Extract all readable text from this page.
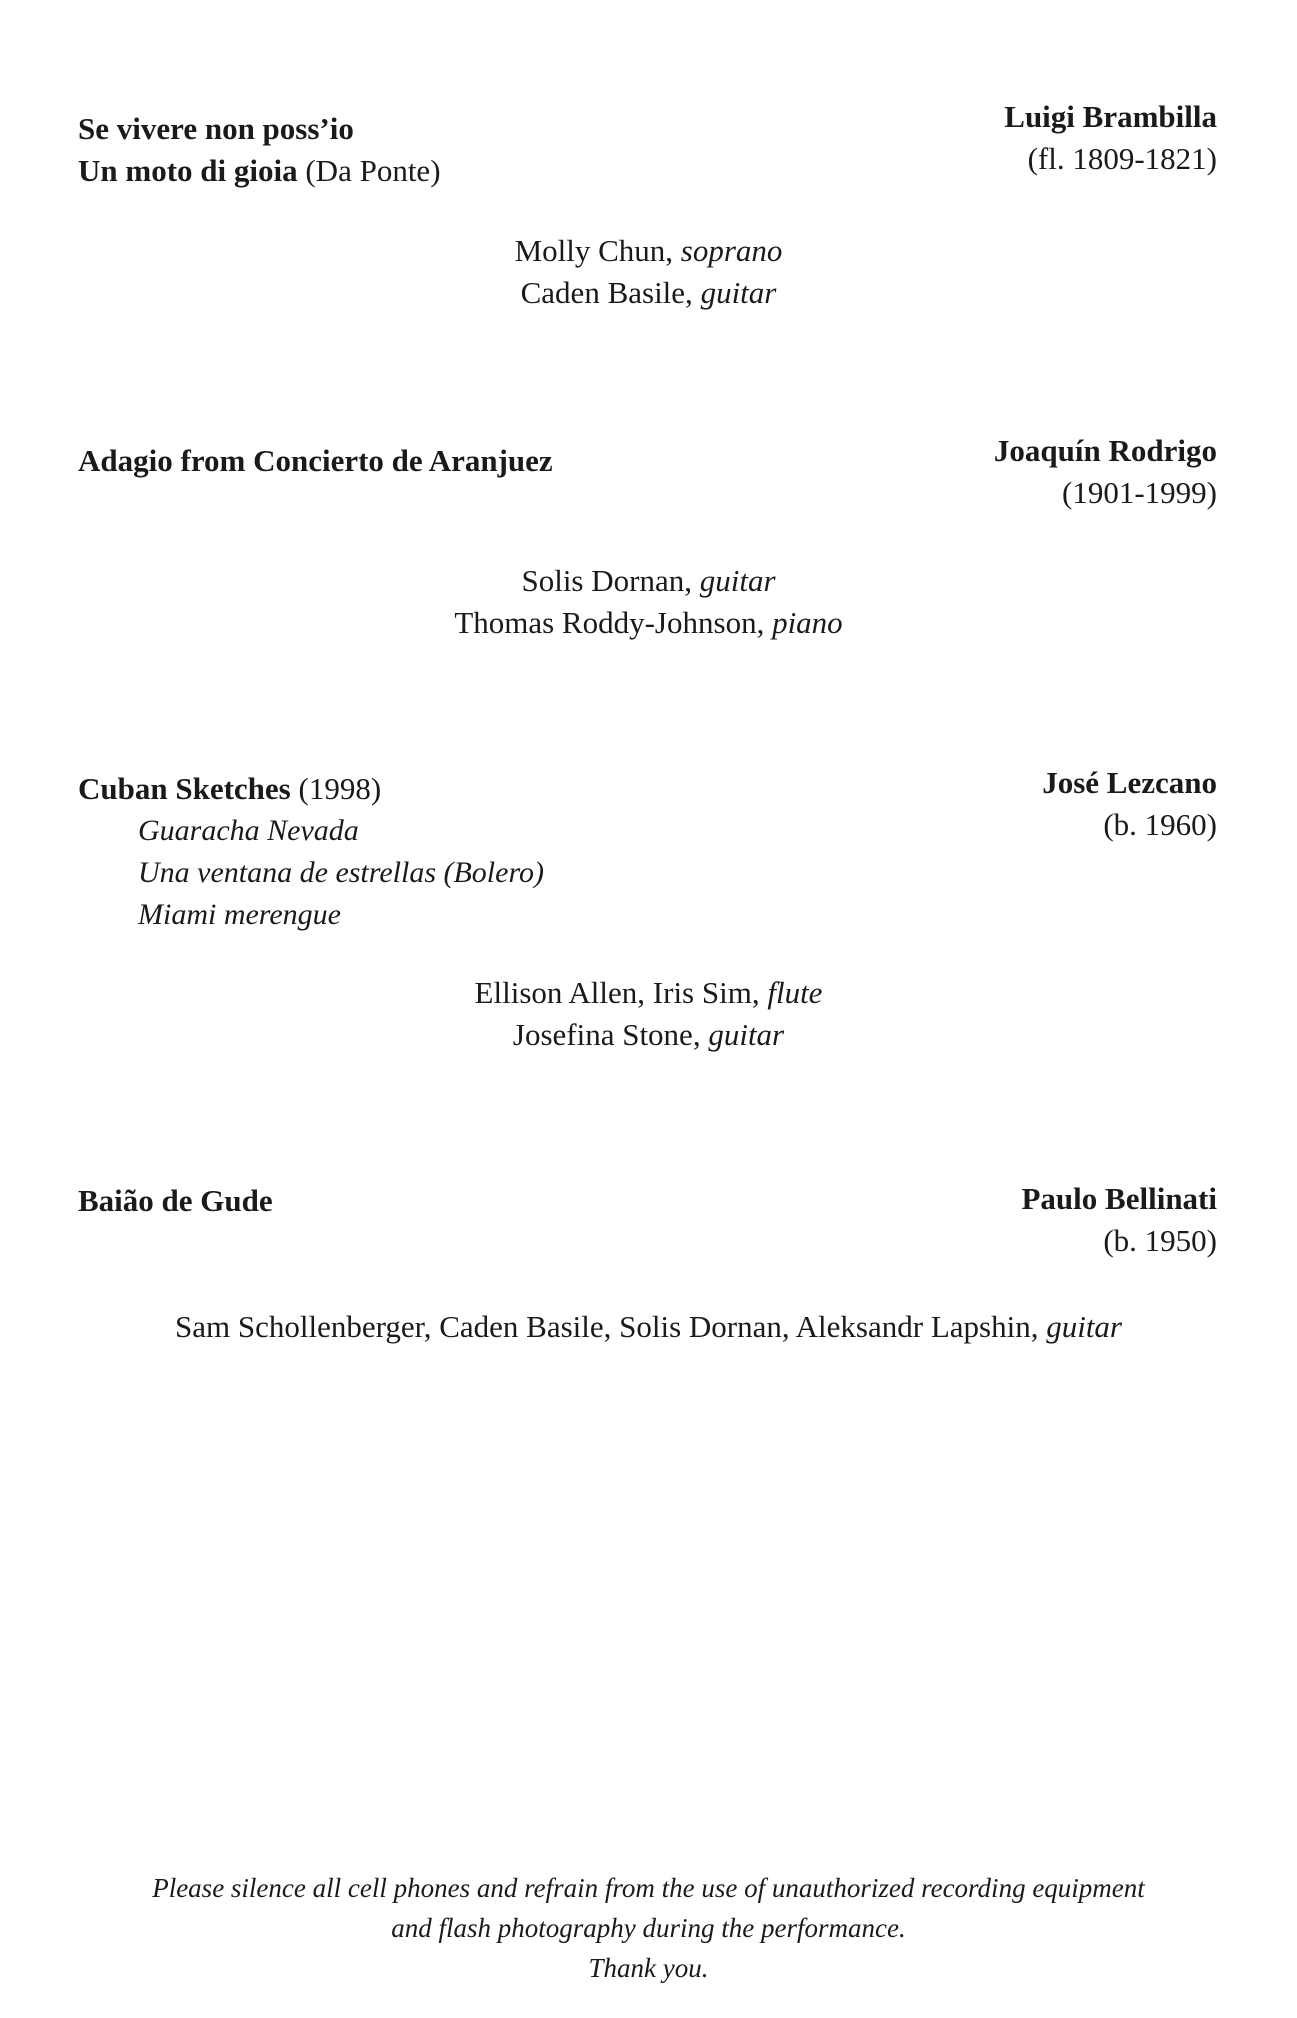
Se vivere non poss’io
Un moto di gioia (Da Ponte)
Luigi Brambilla
(fl. 1809-1821)
Molly Chun, soprano
Caden Basile, guitar
Adagio from Concierto de Aranjuez	Joaquín Rodrigo
(1901-1999)
Solis Dornan, guitar
Thomas Roddy-Johnson, piano
Cuban Sketches (1998)
Guaracha Nevada
Una ventana de estrellas (Bolero)
Miami merengue
José Lezcano
(b. 1960)
Ellison Allen, Iris Sim, flute
Josefina Stone, guitar
Baião de Gude	Paulo Bellinati
(b. 1950)
Sam Schollenberger, Caden Basile, Solis Dornan, Aleksandr Lapshin, guitar
Please silence all cell phones and refrain from the use of unauthorized recording equipment
and flash photography during the performance.
Thank you.
